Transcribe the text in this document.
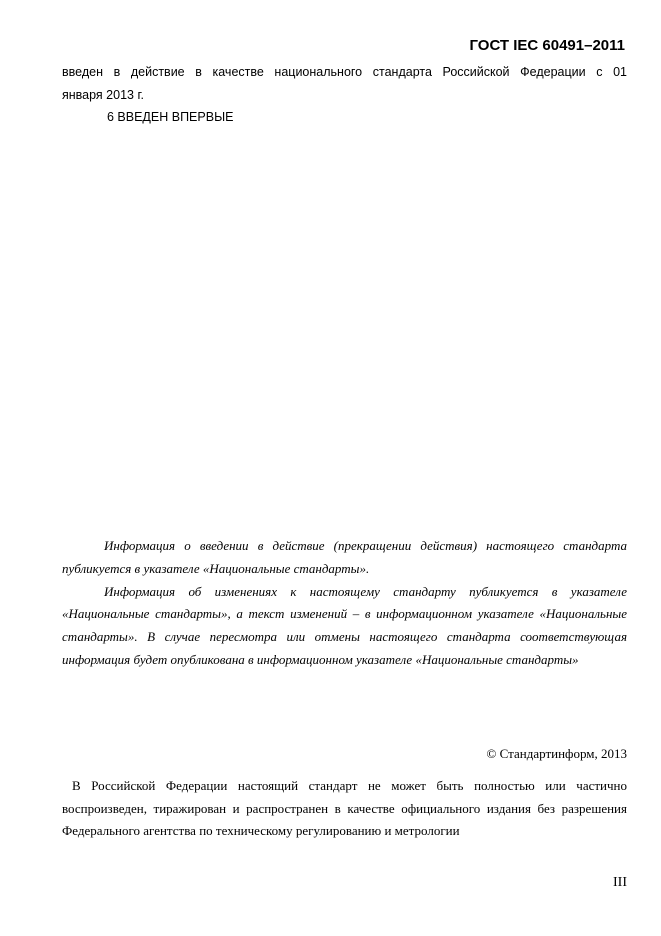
ГОСТ IEC 60491–2011
введен в действие в качестве национального стандарта Российской Федерации с 01
января 2013 г.
6 ВВЕДЕН ВПЕРВЫЕ
Информация о введении в действие (прекращении действия) настоящего стандарта
публикуется в указателе «Национальные стандарты».
Информация об изменениях к настоящему стандарту публикуется в указателе
«Национальные стандарты», а текст изменений – в информационном указателе «Национальные
стандарты». В случае пересмотра или отмены настоящего стандарта соответствующая
информация будет опубликована в информационном указателе «Национальные стандарты»
© Стандартинформ, 2013
В Российской Федерации настоящий стандарт не может быть полностью или частично
воспроизведен, тиражирован и распространен в качестве официального издания без разрешения
Федерального агентства по техническому регулированию и метрологии
III
